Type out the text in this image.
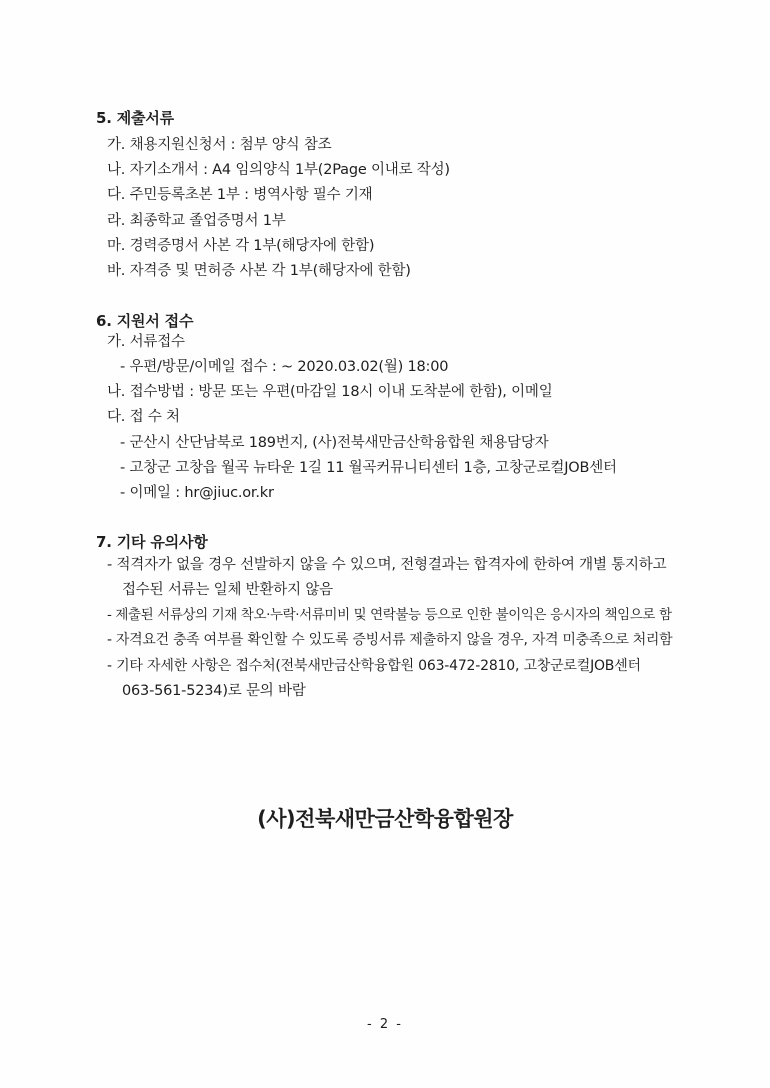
5. 제출서류
가. 채용지원신청서 : 첨부 양식 참조
나. 자기소개서 : A4 임의양식 1부(2Page 이내로 작성)
다. 주민등록초본 1부 : 병역사항 필수 기재
라. 최종학교 졸업증명서 1부
마. 경력증명서 사본 각 1부(해당자에 한함)
바. 자격증 및 면허증 사본 각 1부(해당자에 한함)
6. 지원서 접수
가. 서류접수
- 우편/방문/이메일 접수 : ~ 2020.03.02(월) 18:00
나. 접수방법 : 방문 또는 우편(마감일 18시 이내 도착분에 한함), 이메일
다. 접 수 처
- 군산시 산단남북로 189번지, (사)전북새만금산학융합원 채용담당자
- 고창군 고창읍 월곡 뉴타운 1길 11 월곡커뮤니티센터 1층, 고창군로컬JOB센터
- 이메일 : hr@jiuc.or.kr
7. 기타 유의사항
- 적격자가 없을 경우 선발하지 않을 수 있으며, 전형결과는 합격자에 한하여 개별 통지하고
접수된 서류는 일체 반환하지 않음
- 제출된 서류상의 기재 착오·누락·서류미비 및 연락불능 등으로 인한 불이익은 응시자의 책임으로 함
- 자격요건 충족 여부를 확인할 수 있도록 증빙서류 제출하지 않을 경우, 자격 미충족으로 처리함
- 기타 자세한 사항은 접수처(전북새만금산학융합원 063-472-2810, 고창군로컬JOB센터
063-561-5234)로 문의 바람
(사)전북새만금산학융합원장
- 2 -
